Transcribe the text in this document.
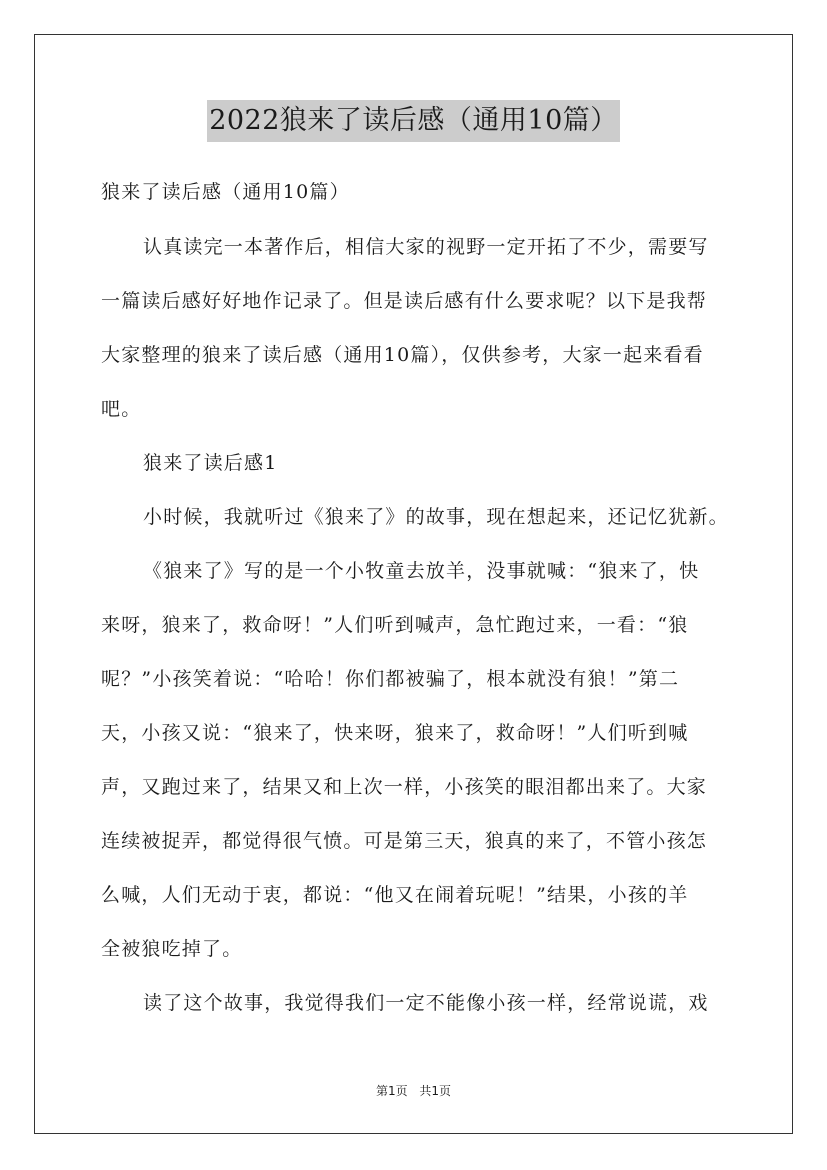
2022狼来了读后感（通用10篇）
狼来了读后感（通用10篇）
认真读完一本著作后，相信大家的视野一定开拓了不少，需要写
一篇读后感好好地作记录了。但是读后感有什么要求呢？以下是我帮
大家整理的狼来了读后感（通用10篇），仅供参考，大家一起来看看
吧。
狼来了读后感1
小时候，我就听过《狼来了》的故事，现在想起来，还记忆犹新。
《狼来了》写的是一个小牧童去放羊，没事就喊：“狼来了，快
来呀，狼来了，救命呀！”人们听到喊声，急忙跑过来，一看：“狼
呢？”小孩笑着说：“哈哈！你们都被骗了，根本就没有狼！”第二
天，小孩又说：“狼来了，快来呀，狼来了，救命呀！”人们听到喊
声，又跑过来了，结果又和上次一样，小孩笑的眼泪都出来了。大家
连续被捉弄，都觉得很气愤。可是第三天，狼真的来了，不管小孩怎
么喊，人们无动于衷，都说：“他又在闹着玩呢！”结果，小孩的羊
全被狼吃掉了。
读了这个故事，我觉得我们一定不能像小孩一样，经常说谎，戏
第1页 共1页
